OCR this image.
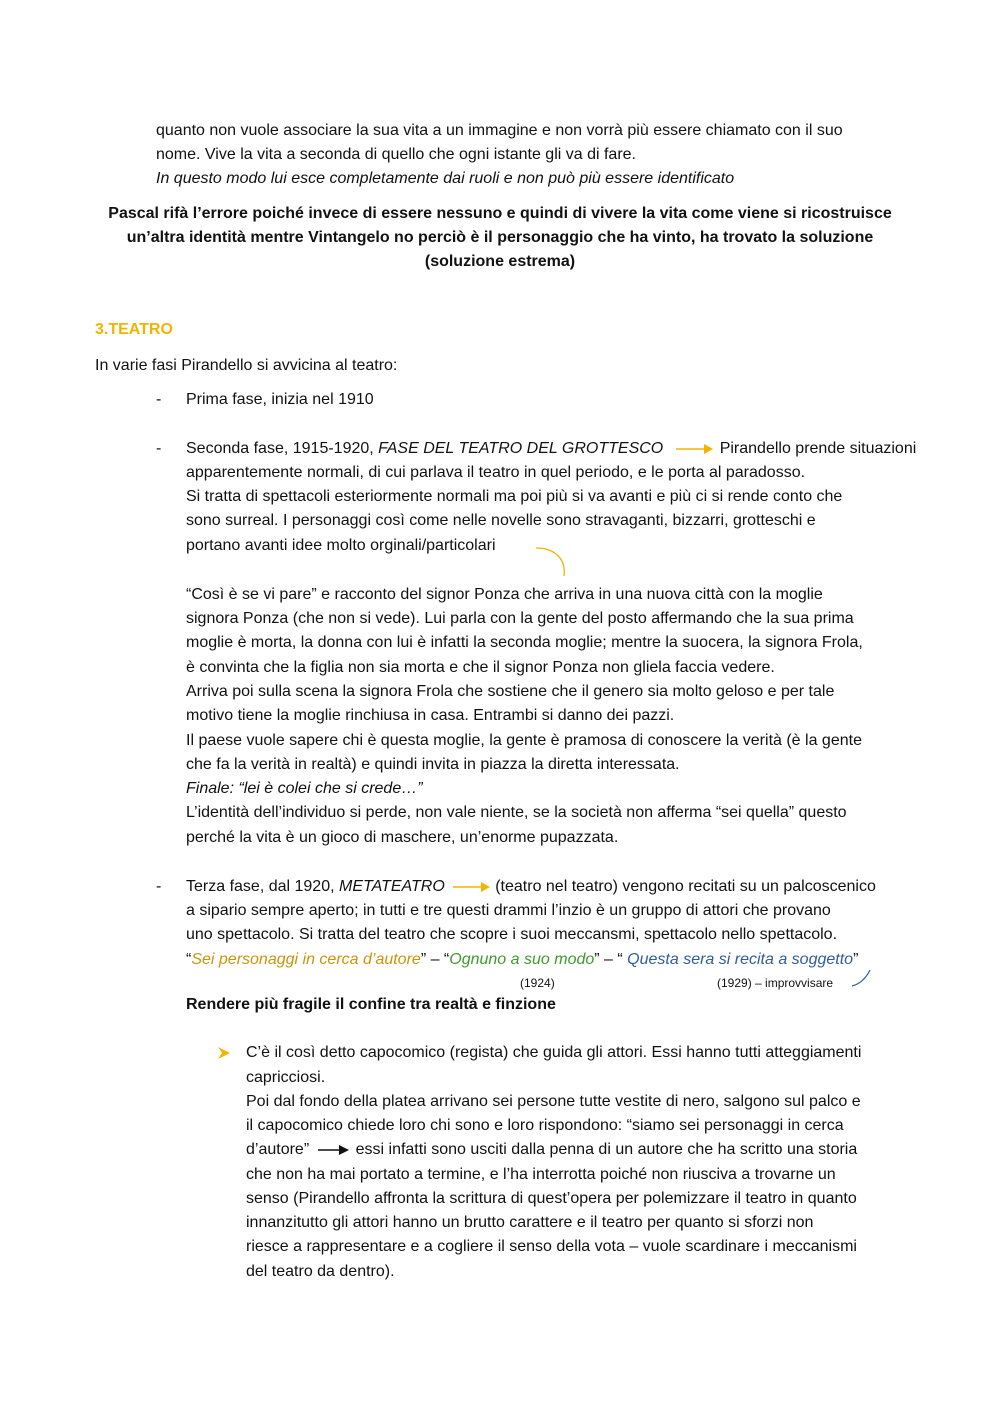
quanto non vuole associare la sua vita a un immagine e non vorrà più essere chiamato con il suo
nome. Vive la vita a seconda di quello che ogni istante gli va di fare.
In questo modo lui esce completamente dai ruoli e non può più essere identificato
Pascal rifà l’errore poiché invece di essere nessuno e quindi di vivere la vita come viene si ricostruisce
un’altra identità mentre Vintangelo no perciò è il personaggio che ha vinto, ha trovato la soluzione
(soluzione estrema)
3.TEATRO
In varie fasi Pirandello si avvicina al teatro:
- Prima fase, inizia nel 1910
- Seconda fase, 1915-1920, FASE DEL TEATRO DEL GROTTESCO	Pirandello prende situazioni
apparentemente normali, di cui parlava il teatro in quel periodo, e le porta al paradosso.
Si tratta di spettacoli esteriormente normali ma poi più si va avanti e più ci si rende conto che
sono surreal. I personaggi così come nelle novelle sono stravaganti, bizzarri, grotteschi e
portano avanti idee molto orginali/particolari
“Così è se vi pare” e racconto del signor Ponza che arriva in una nuova città con la moglie
signora Ponza (che non si vede). Lui parla con la gente del posto affermando che la sua prima
moglie è morta, la donna con lui è infatti la seconda moglie; mentre la suocera, la signora Frola,
è convinta che la figlia non sia morta e che il signor Ponza non gliela faccia vedere.
Arriva poi sulla scena la signora Frola che sostiene che il genero sia molto geloso e per tale
motivo tiene la moglie rinchiusa in casa. Entrambi si danno dei pazzi.
Il paese vuole sapere chi è questa moglie, la gente è pramosa di conoscere la verità (è la gente
che fa la verità in realtà) e quindi invita in piazza la diretta interessata.
Finale: “lei è colei che si crede…”
L’identità dell’individuo si perde, non vale niente, se la società non afferma “sei quella” questo
perché la vita è un gioco di maschere, un’enorme pupazzata.
- Terza fase, dal 1920, METATEATRO	(teatro nel teatro) vengono recitati su un palcoscenico
a sipario sempre aperto; in tutti e tre questi drammi l’inzio è un gruppo di attori che provano
uno spettacolo. Si tratta del teatro che scopre i suoi meccansmi, spettacolo nello spettacolo.
“Sei personaggi in cerca d’autore” – “Ognuno a suo modo” – “ Questa sera si recita a soggetto”
(1924)	(1929) – improvvisare
Rendere più fragile il confine tra realtà e finzione
C’è il così detto capocomico (regista) che guida gli attori. Essi hanno tutti atteggiamenti
capricciosi.
Poi dal fondo della platea arrivano sei persone tutte vestite di nero, salgono sul palco e
il capocomico chiede loro chi sono e loro rispondono: “siamo sei personaggi in cerca
d’autore”	essi infatti sono usciti dalla penna di un autore che ha scritto una storia
che non ha mai portato a termine, e l’ha interrotta poiché non riusciva a trovarne un
senso (Pirandello affronta la scrittura di quest’opera per polemizzare il teatro in quanto
innanzitutto gli attori hanno un brutto carattere e il teatro per quanto si sforzi non
riesce a rappresentare e a cogliere il senso della vota – vuole scardinare i meccanismi
del teatro da dentro).
